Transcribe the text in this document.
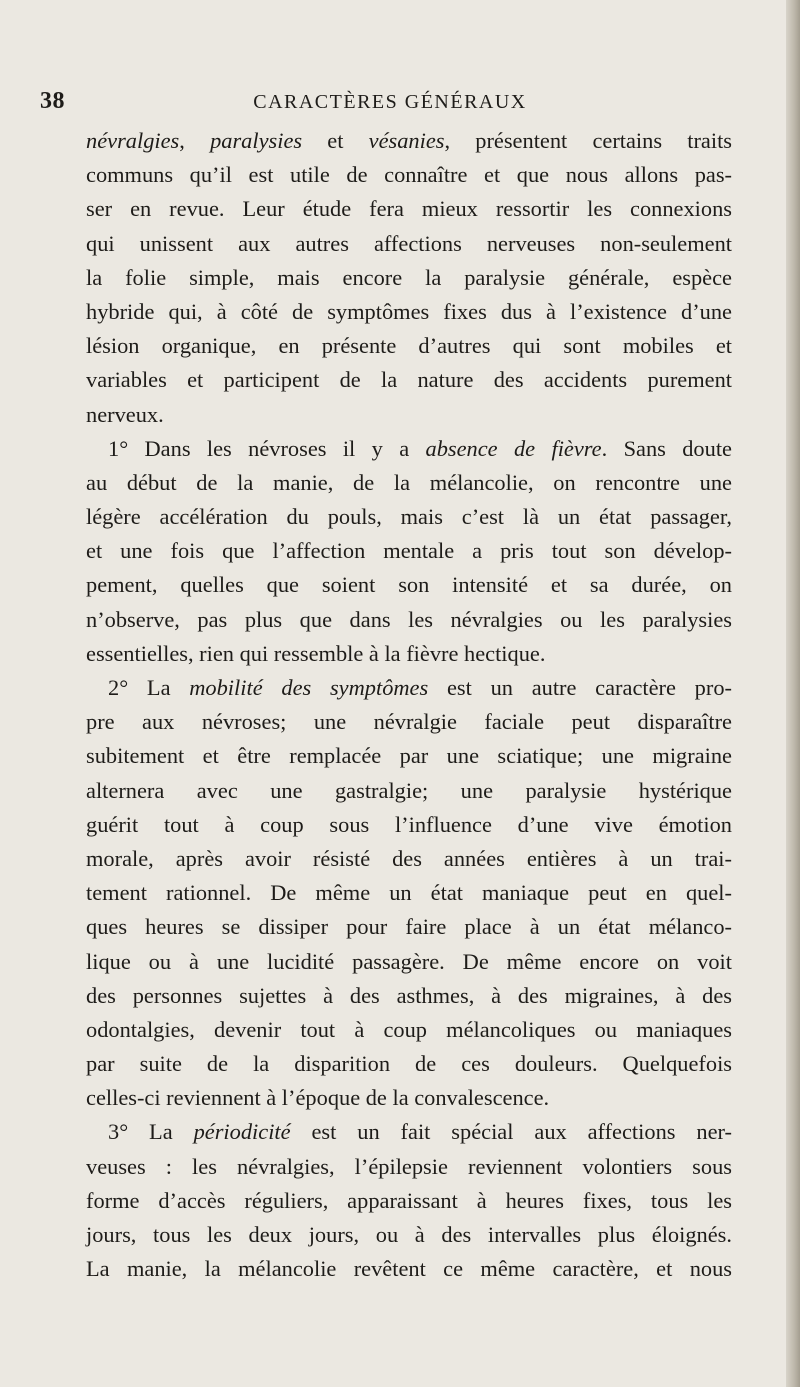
38	CARACTÈRES GÉNÉRAUX
névralgies, paralysies et vésanies, présentent certains traits
communs qu’il est utile de connaître et que nous allons pas-
ser en revue. Leur étude fera mieux ressortir les connexions
qui unissent aux autres affections nerveuses non-seulement
la folie simple, mais encore la paralysie générale, espèce
hybride qui, à côté de symptômes fixes dus à l’existence d’une
lésion organique, en présente d’autres qui sont mobiles et
variables et participent de la nature des accidents purement
nerveux.
1° Dans les névroses il y a absence de fièvre. Sans doute
au début de la manie, de la mélancolie, on rencontre une
légère accélération du pouls, mais c’est là un état passager,
et une fois que l’affection mentale a pris tout son dévelop-
pement, quelles que soient son intensité et sa durée, on
n’observe, pas plus que dans les névralgies ou les paralysies
essentielles, rien qui ressemble à la fièvre hectique.
2° La mobilité des symptômes est un autre caractère pro-
pre aux névroses; une névralgie faciale peut disparaître
subitement et être remplacée par une sciatique; une migraine
alternera avec une gastralgie; une paralysie hystérique
guérit tout à coup sous l’influence d’une vive émotion
morale, après avoir résisté des années entières à un trai-
tement rationnel. De même un état maniaque peut en quel-
ques heures se dissiper pour faire place à un état mélanco-
lique ou à une lucidité passagère. De même encore on voit
des personnes sujettes à des asthmes, à des migraines, à des
odontalgies, devenir tout à coup mélancoliques ou maniaques
par suite de la disparition de ces douleurs. Quelquefois
celles-ci reviennent à l’époque de la convalescence.
3° La périodicité est un fait spécial aux affections ner-
veuses : les névralgies, l’épilepsie reviennent volontiers sous
forme d’accès réguliers, apparaissant à heures fixes, tous les
jours, tous les deux jours, ou à des intervalles plus éloignés.
La manie, la mélancolie revêtent ce même caractère, et nous
